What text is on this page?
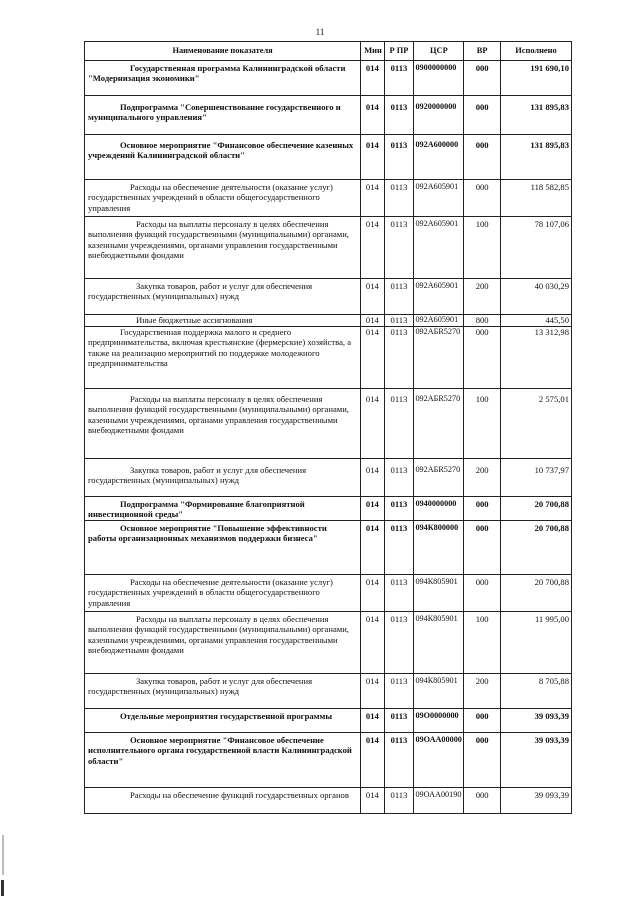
11
Наименование показателя	Мин	Р ПР	ЦСР	ВР	Исполнено
Государственная программа Калининградской области "Модернизация экономики"	014	0113	0900000000	000	191 690,10
Подпрограмма "Совершенствование государственного и муниципального управления"	014	0113	0920000000	000	131 895,83
Основное мероприятие "Финансовое обеспечение казенных учреждений Калининградской области"	014	0113	092А600000	000	131 895,83
Расходы на обеспечение деятельности (оказание услуг) государственных учреждений в области общегосударственного управления	014	0113	092А605901	000	118 582,85
Расходы на выплаты персоналу в целях обеспечения выполнения функций государственными (муниципальными) органами, казенными учреждениями, органами управления государственными внебюджетными фондами	014	0113	092А605901	100	78 107,06
Закупка товаров, работ и услуг для обеспечения государственных (муниципальных) нужд	014	0113	092А605901	200	40 030,29
Иные бюджетные ассигнования	014	0113	092А605901	800	445,50
Государственная поддержка малого и среднего предпринимательства, включая крестьянские (фермерские) хозяйства, а также на реализацию мероприятий по поддержке молодежного предпринимательства	014	0113	092АБR5270	000	13 312,98
Расходы на выплаты персоналу в целях обеспечения выполнения функций государственными (муниципальными) органами, казенными учреждениями, органами управления государственными внебюджетными фондами	014	0113	092АБR5270	100	2 575,01
Закупка товаров, работ и услуг для обеспечения государственных (муниципальных) нужд	014	0113	092АБR5270	200	10 737,97
Подпрограмма "Формирование благоприятной инвестиционной среды"	014	0113	0940000000	000	20 700,88
Основное мероприятие "Повышение эффективности работы организационных механизмов поддержки бизнеса"	014	0113	094К800000	000	20 700,88
Расходы на обеспечение деятельности (оказание услуг) государственных учреждений в области общегосударственного управления	014	0113	094К805901	000	20 700,88
Расходы на выплаты персоналу в целях обеспечения выполнения функций государственными (муниципальными) органами, казенными учреждениями, органами управления государственными внебюджетными фондами	014	0113	094К805901	100	11 995,00
Закупка товаров, работ и услуг для обеспечения государственных (муниципальных) нужд	014	0113	094К805901	200	8 705,88
Отдельные мероприятия государственной программы	014	0113	09O0000000	000	39 093,39
Основное мероприятие "Финансовое обеспечение исполнительного органа государственной власти Калининградской области"	014	0113	09ОАА00000	000	39 093,39
Расходы на обеспечение функций государственных органов	014	0113	09ОАА00190	000	39 093,39
